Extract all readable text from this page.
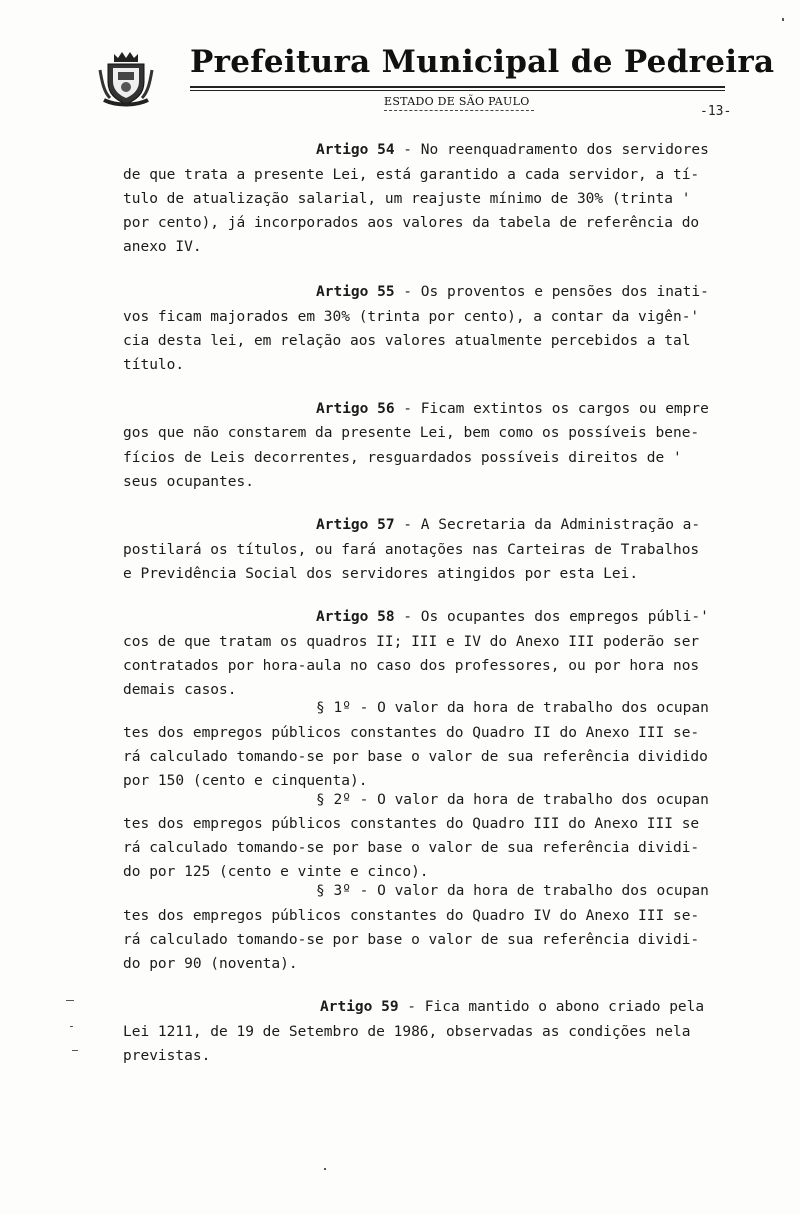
Prefeitura Municipal de Pedreira
ESTADO DE SÃO PAULO
-13-
Artigo 54 - No reenquadramento dos servidores
de que trata a presente Lei, está garantido a cada servidor, a tí-
tulo de atualização salarial, um reajuste mínimo de 30% (trinta '
por cento), já incorporados aos valores da tabela de referência do
anexo IV.
Artigo 55 - Os proventos e pensões dos inati-
vos ficam majorados em 30% (trinta por cento), a contar da vigên-'
cia desta lei, em relação aos valores atualmente percebidos a tal
título.
Artigo 56 - Ficam extintos os cargos ou empre
gos que não constarem da presente Lei, bem como os possíveis bene-
fícios de Leis decorrentes, resguardados possíveis direitos de '
seus ocupantes.
Artigo 57 - A Secretaria da Administração a-
postilará os títulos, ou fará anotações nas Carteiras de Trabalhos
e Previdência Social dos servidores atingidos por esta Lei.
Artigo 58 - Os ocupantes dos empregos públi-'
cos de que tratam os quadros II; III e IV do Anexo III poderão ser
contratados por hora-aula no caso dos professores, ou por hora nos
demais casos.
§ 1º - O valor da hora de trabalho dos ocupan
tes dos empregos públicos constantes do Quadro II do Anexo III se-
rá calculado tomando-se por base o valor de sua referência dividido
por 150 (cento e cinquenta).
§ 2º - O valor da hora de trabalho dos ocupan
tes dos empregos públicos constantes do Quadro III do Anexo III se
rá calculado tomando-se por base o valor de sua referência dividi-
do por 125 (cento e vinte e cinco).
§ 3º - O valor da hora de trabalho dos ocupan
tes dos empregos públicos constantes do Quadro IV do Anexo III se-
rá calculado tomando-se por base o valor de sua referência dividi-
do por 90 (noventa).
Artigo 59 - Fica mantido o abono criado pela
Lei 1211, de 19 de Setembro de 1986, observadas as condições nela
previstas.
